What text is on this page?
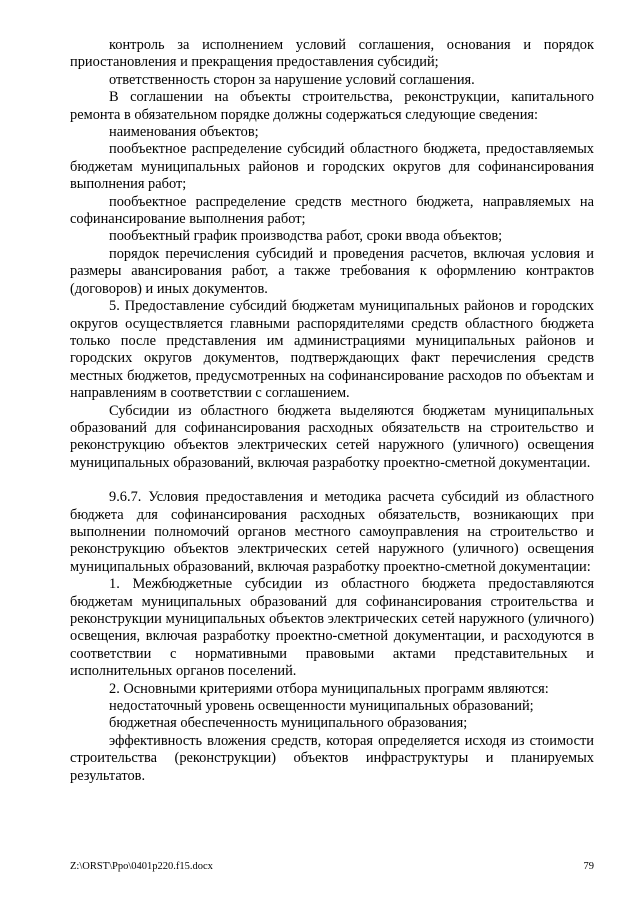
контроль за исполнением условий соглашения, основания и порядок приостановления и прекращения предоставления субсидий;

ответственность сторон за нарушение условий соглашения.

В соглашении на объекты строительства, реконструкции, капитального ремонта в обязательном порядке должны содержаться следующие сведения:

наименования объектов;

пообъектное распределение субсидий областного бюджета, предоставляемых бюджетам муниципальных районов и городских округов для софинансирования выполнения работ;

пообъектное распределение средств местного бюджета, направляемых на софинансирование выполнения работ;

пообъектный график производства работ, сроки ввода объектов;

порядок перечисления субсидий и проведения расчетов, включая условия и размеры авансирования работ, а также требования к оформлению контрактов (договоров) и иных документов.

5. Предоставление субсидий бюджетам муниципальных районов и городских округов осуществляется главными распорядителями средств областного бюджета только после представления им администрациями муниципальных районов и городских округов документов, подтверждающих факт перечисления средств местных бюджетов, предусмотренных на софинансирование расходов по объектам и направлениям в соответствии с соглашением.

Субсидии из областного бюджета выделяются бюджетам муниципальных образований для софинансирования расходных обязательств на строительство и реконструкцию объектов электрических сетей наружного (уличного) освещения муниципальных образований, включая разработку проектно-сметной документации.

9.6.7. Условия предоставления и методика расчета субсидий из областного бюджета для софинансирования расходных обязательств, возникающих при выполнении полномочий органов местного самоуправления на строительство и реконструкцию объектов электрических сетей наружного (уличного) освещения муниципальных образований, включая разработку проектно-сметной документации:

1. Межбюджетные субсидии из областного бюджета предоставляются бюджетам муниципальных образований для софинансирования строительства и реконструкции муниципальных объектов электрических сетей наружного (уличного) освещения, включая разработку проектно-сметной документации, и расходуются в соответствии с нормативными правовыми актами представительных и исполнительных органов поселений.

2. Основными критериями отбора муниципальных программ являются:

недостаточный уровень освещенности муниципальных образований;

бюджетная обеспеченность муниципального образования;

эффективность вложения средств, которая определяется исходя из стоимости строительства (реконструкции) объектов инфраструктуры и планируемых результатов.

Z:\ORST\Ppo\0401p220.f15.docx	79
